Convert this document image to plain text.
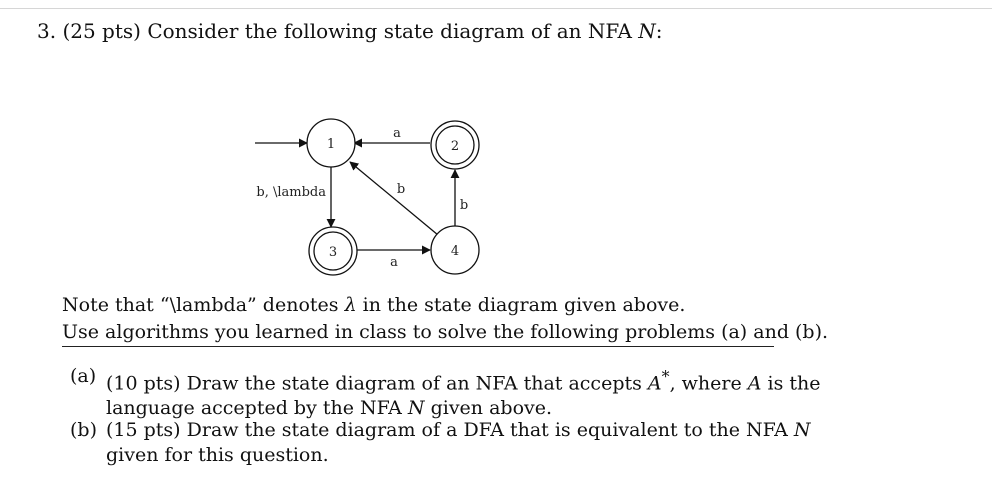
3. (25 pts) Consider the following state diagram of an NFA N:
1	2
3	4
a
b, \lambda	b
b
a
Note that “\lambda” denotes λ in the state diagram given above.
Use algorithms you learned in class to solve the following problems (a) and (b).
(a) (10 pts) Draw the state diagram of an NFA that accepts A*, where A is the language accepted by the NFA N given above.
(b) (15 pts) Draw the state diagram of a DFA that is equivalent to the NFA N given for this question.
